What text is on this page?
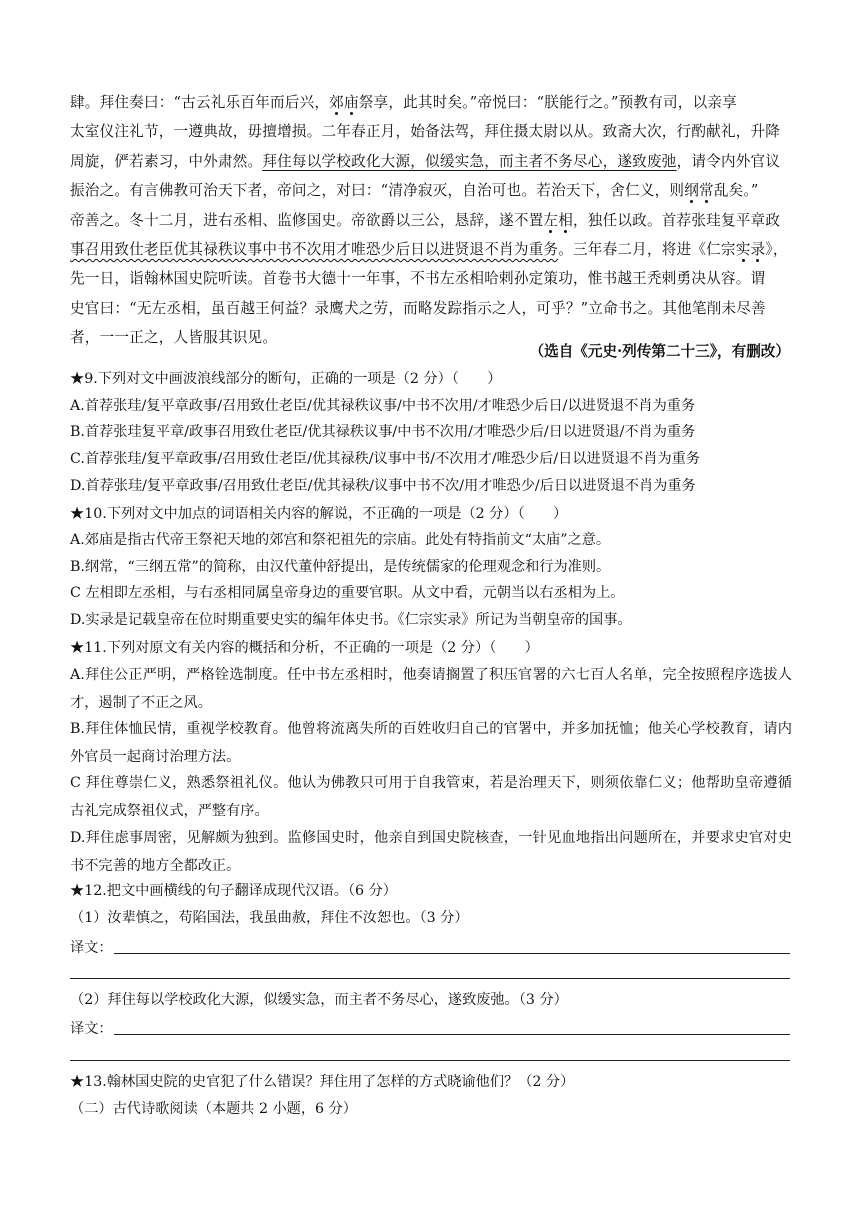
肆。拜住奏曰：“古云礼乐百年而后兴，郊庙祭享，此其时矣。”帝悦曰：“朕能行之。”预教有司，以亲享

太室仪注礼节，一遵典故，毋擅增损。二年春正月，始备法驾，拜住摄太尉以从。致斋大次，行酌献礼，升降

周旋，俨若素习，中外肃然。拜住每以学校政化大源，似缓实急，而主者不务尽心，遂致废弛，请令内外官议

振治之。有言佛教可治天下者，帝问之，对曰：“清净寂灭，自治可也。若治天下，舍仁义，则纲常乱矣。”

帝善之。冬十二月，进右丞相、监修国史。帝欲爵以三公，恳辞，遂不置左相，独任以政。首荐张珪复平章政

事召用致仕老臣优其禄秩议事中书不次用才唯恐少后日以进贤退不肖为重务。三年春二月，将进《仁宗实录》，

先一日，诣翰林国史院听读。首卷书大德十一年事，不书左丞相哈剌孙定策功，惟书越王秃剌勇决从容。谓

史官曰：“无左丞相，虽百越王何益？录鹰犬之劳，而略发踪指示之人，可乎？”立命书之。其他笔削未尽善

者，一一正之，人皆服其识见。

（选自《元史·列传第二十三》，有删改）
★9.下列对文中画波浪线部分的断句，正确的一项是（2 分）（　　）
A.首荐张珪/复平章政事/召用致仕老臣/优其禄秩议事/中书不次用/才唯恐少后日/以进贤退不肖为重务
B.首荐张珪复平章/政事召用致仕老臣/优其禄秩议事/中书不次用/才唯恐少后/日以进贤退/不肖为重务
C.首荐张珪/复平章政事/召用致仕老臣/优其禄秩/议事中书/不次用才/唯恐少后/日以进贤退不肖为重务
D.首荐张珪/复平章政事/召用致仕老臣/优其禄秩/议事中书不次/用才唯恐少/后日以进贤退不肖为重务
★10.下列对文中加点的词语相关内容的解说，不正确的一项是（2 分）（　　）
A.郊庙是指古代帝王祭祀天地的郊宫和祭祀祖先的宗庙。此处有特指前文“太庙”之意。
B.纲常，“三纲五常”的简称，由汉代董仲舒提出，是传统儒家的伦理观念和行为准则。
C 左相即左丞相，与右丞相同属皇帝身边的重要官职。从文中看，元朝当以右丞相为上。
D.实录是记载皇帝在位时期重要史实的编年体史书。《仁宗实录》所记为当朝皇帝的国事。
★11.下列对原文有关内容的概括和分析，不正确的一项是（2 分）（　　）
A.拜住公正严明，严格铨选制度。任中书左丞相时，他奏请搁置了积压官署的六七百人名单，完全按照程序选拔人才，遏制了不正之风。
B.拜住体恤民情，重视学校教育。他曾将流离失所的百姓收归自己的官署中，并多加抚恤；他关心学校教育，请内外官员一起商讨治理方法。
C 拜住尊崇仁义，熟悉祭祖礼仪。他认为佛教只可用于自我管束，若是治理天下，则须依靠仁义；他帮助皇帝遵循古礼完成祭祖仪式，严整有序。
D.拜住虑事周密，见解颇为独到。监修国史时，他亲自到国史院核查，一针见血地指出问题所在，并要求史官对史书不完善的地方全都改正。
★12.把文中画横线的句子翻译成现代汉语。（6 分）
（1）汝辈慎之，苟陷国法，我虽曲赦，拜住不汝恕也。（3 分）
译文：
（2）拜住每以学校政化大源，似缓实急，而主者不务尽心，遂致废弛。（3 分）
译文：
★13.翰林国史院的史官犯了什么错误？拜住用了怎样的方式晓谕他们？（2 分）
（二）古代诗歌阅读（本题共 2 小题，6 分）
